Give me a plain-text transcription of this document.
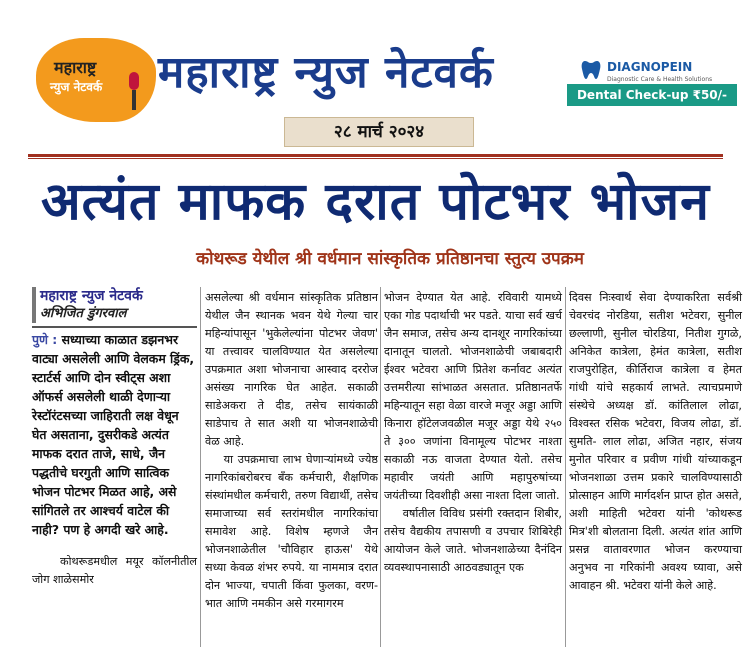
महाराष्ट्र
न्युज नेटवर्क महाराष्ट्र न्युज नेटवर्क	DIAGNOPEIN
Diagnostic Care & Health Solutions
Dental Check-up ₹50/-
२८ मार्च २०२४
अत्यंत माफक दरात पोटभर भोजन
कोथरूड येथील श्री वर्धमान सांस्कृतिक प्रतिष्ठानचा स्तुत्य उपक्रम
महाराष्ट्र न्युज नेटवर्क
अभिजित डुंगरवाल

पुणे : सध्याच्या काळात डझनभर वाट्या असलेली आणि वेलकम ड्रिंक, स्टार्टर्स आणि दोन स्वीट्स अशा ऑफर्स असलेली थाळी देणाऱ्या रेस्टॉरंटसच्या जाहिराती लक्ष वेधून घेत असताना, दुसरीकडे अत्यंत माफक दरात ताजे, साधे, जैन पद्धतीचे घरगुती आणि सात्विक भोजन पोटभर मिळत आहे, असे सांगितले तर आश्चर्य वाटेल की नाही? पण हे अगदी खरे आहे.

कोथरूडमधील मयूर कॉलनीतील जोग शाळेसमोर

असलेल्या श्री वर्धमान सांस्कृतिक प्रतिष्ठान येथील जैन स्थानक भवन येथे गेल्या चार महिन्यांपासून 'भुकेलेल्यांना पोटभर जेवण' या तत्त्वावर चालविण्यात येत असलेल्या उपक्रमात अशा भोजनाचा आस्वाद दररोज असंख्य नागरिक घेत आहेत. सकाळी साडेअकरा ते दीड, तसेच सायंकाळी साडेपाच ते सात अशी या भोजनशाळेची वेळ आहे.
या उपक्रमाचा लाभ घेणाऱ्यांमध्ये ज्येष्ठ नागरिकांबरोबरच बँक कर्मचारी, शैक्षणिक संस्थांमधील कर्मचारी, तरुण विद्यार्थी, तसेच समाजाच्या सर्व स्तरांमधील नागरिकांचा समावेश आहे. विशेष म्हणजे जैन भोजनशाळेतील 'चौविहार हाऊस' येथे सध्या केवळ शंभर रुपये. या नाममात्र दरात दोन भाज्या, चपाती किंवा फुलका, वरण-भात आणि नमकीन असे गरमागरम
भोजन देण्यात येत आहे. रविवारी यामध्ये एका गोड पदार्थाची भर पडते. याचा सर्व खर्च जैन समाज, तसेच अन्य दानशूर नागरिकांच्या दानातून चालतो. भोजनशाळेची जबाबदारी ईश्वर भटेवरा आणि प्रितेश कर्नावट अत्यंत उत्तमरीत्या सांभाळत असतात. प्रतिष्ठानतर्फे महिन्यातून सहा वेळा वारजे मजूर अड्डा आणि किनारा हॉटेलजवळील मजूर अड्डा येथे २५० ते ३०० जणांना विनामूल्य पोटभर नाश्ता सकाळी नऊ वाजता देण्यात येतो. तसेच महावीर जयंती आणि महापुरुषांच्या जयंतीच्या दिवशीही असा नाश्ता दिला जातो.
वर्षातील विविध प्रसंगी रक्तदान शिबीर, तसेच वैद्यकीय तपासणी व उपचार शिबिरेही आयोजन केले जाते. भोजनशाळेच्या दैनंदिन व्यवस्थापनासाठी आठवड्यातून एक
दिवस निःस्वार्थ सेवा देण्याकरिता सर्वश्री चेवरचंद नोरडिया, सतीश भटेवरा, सुनील छल्लाणी, सुनील चोरडिया, नितीश गुगळे, अनिकेत कात्रेला, हेमंत कात्रेला, सतीश राजपुरोहित, कीर्तिराज कात्रेला व हेमत गांधी यांचे सहकार्य लाभते. त्याचप्रमाणे संस्थेचे अध्यक्ष डॉ. कांतिलाल लोढा, विश्वस्त रसिक भटेवरा, विजय लोढा, डॉ. सुमति- लाल लोढा, अजित नहार, संजय मुनोत परिवार व प्रवीण गांधी यांच्याकडून भोजनशाळा उत्तम प्रकारे चालविण्यासाठी प्रोत्साहन आणि मार्गदर्शन प्राप्त होत असते, अशी माहिती भटेवरा यांनी 'कोथरूड मित्र'शी बोलताना दिली. अत्यंत शांत आणि प्रसन्न वातावरणात भोजन करण्याचा अनुभव ना गरिकांनी अवश्य घ्यावा, असे आवाहन श्री. भटेवरा यांनी केले आहे.
